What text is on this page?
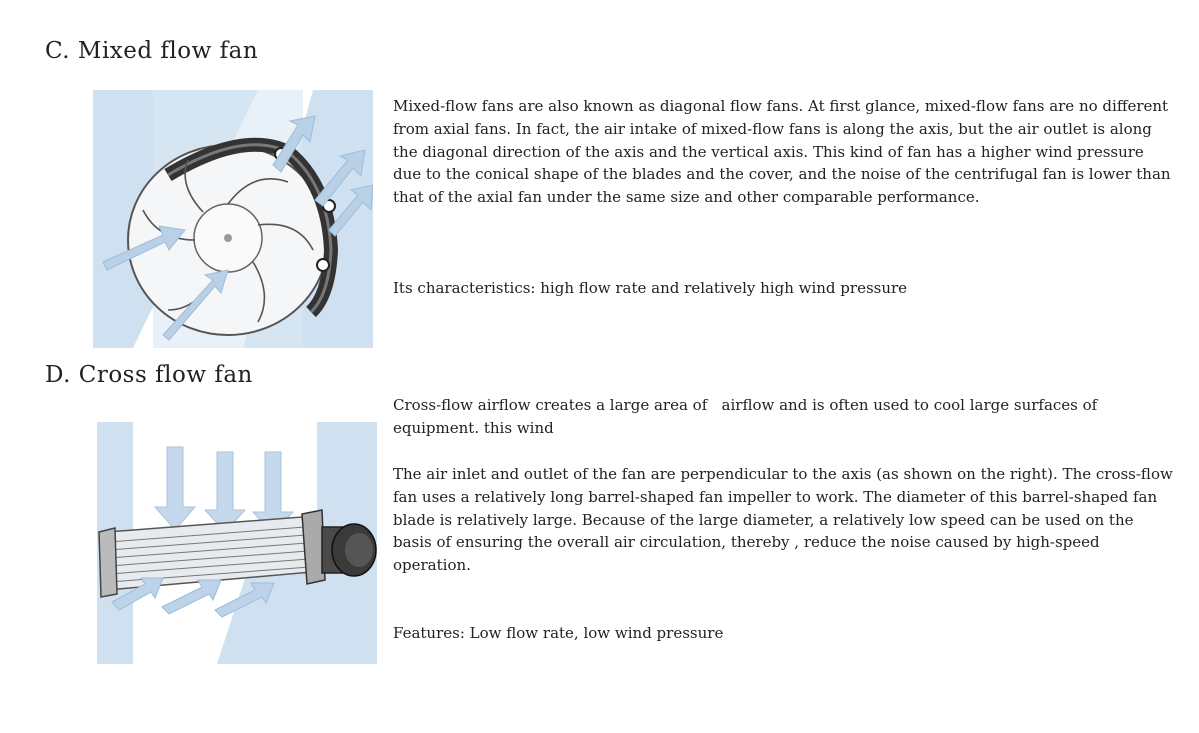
C. Mixed flow fan

Mixed-flow fans are also known as diagonal flow fans. At first glance, mixed-flow fans are no different from axial fans. In fact, the air intake of mixed-flow fans is along the axis, but the air outlet is along the diagonal direction of the axis and the vertical axis. This kind of fan has a higher wind pressure due to the conical shape of the blades and the cover, and the noise of the centrifugal fan is lower than that of the axial fan under the same size and other comparable performance.

Its characteristics: high flow rate and relatively high wind pressure

D. Cross flow fan

Cross-flow airflow creates a large area of   airflow and is often used to cool large surfaces of equipment. this wind

The air inlet and outlet of the fan are perpendicular to the axis (as shown on the right). The cross-flow fan uses a relatively long barrel-shaped fan impeller to work. The diameter of this barrel-shaped fan blade is relatively large. Because of the large diameter, a relatively low speed can be used on the basis of ensuring the overall air circulation, thereby , reduce the noise caused by high-speed operation.

Features: Low flow rate, low wind pressure
